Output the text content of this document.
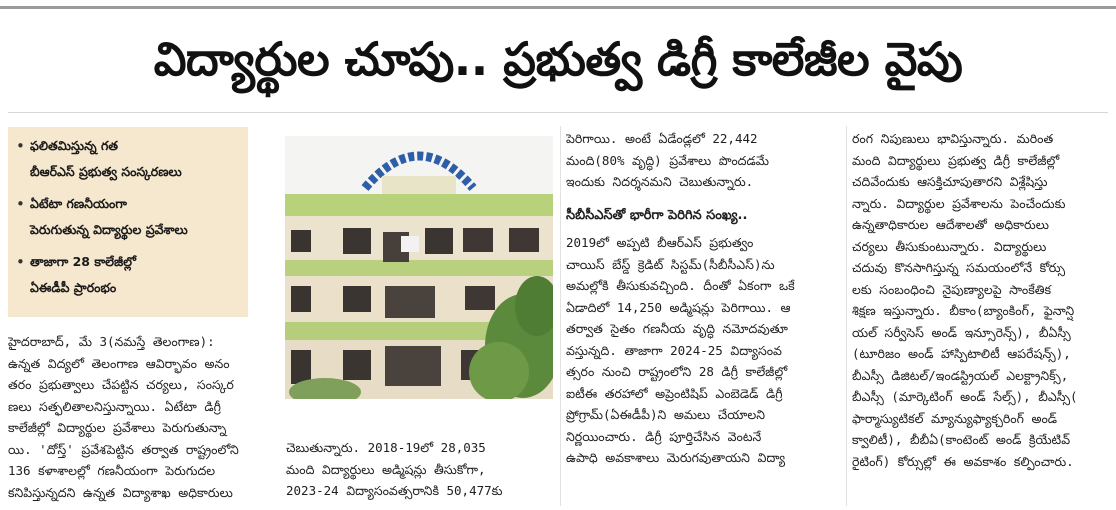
విద్యార్థుల చూపు.. ప్రభుత్వ డిగ్రీ కాలేజీల వైపు
• ఫలితమిస్తున్న గత
బీఆర్‌ఎస్‌ ప్రభుత్వ సంస్కరణలు
• ఏటేటా గణనీయంగా
పెరుగుతున్న విద్యార్థుల ప్రవేశాలు
• తాజాగా 28 కాలేజీల్లో
ఏఈడీపీ ప్రారంభం
హైదరాబాద్‌, మే 3(నమస్తే తెలంగాణ):
ఉన్నత విద్యలో తెలంగాణ ఆవిర్భావం అనం
తరం ప్రభుత్వాలు చేపట్టిన చర్యలు, సంస్కర
ణలు సత్ఫలితాలనిస్తున్నాయి. ఏటేటా డిగ్రీ
కాలేజీల్లో విద్యార్థుల ప్రవేశాలు పెరుగుతున్నా
యి. 'దోస్త్‌' ప్రవేశపెట్టిన తర్వాత రాష్ట్రంలోని
136 కళాశాలల్లో గణనీయంగా పెరుగుదల
కనిపిస్తున్నదని ఉన్నత విద్యాశాఖ అధికారులు
చెబుతున్నారు. 2018-19లో 28,035
మంది విద్యార్థులు అడ్మిషన్లు తీసుకోగా,
2023-24 విద్యాసంవత్సరానికి 50,477కు
పెరిగాయి. అంటే ఏడేండ్లలో 22,442
మంది(80% వృద్ధి) ప్రవేశాలు పొందడమే
ఇందుకు నిదర్శనమని చెబుతున్నారు.
సీబీసీఎస్‌తో భారీగా పెరిగిన సంఖ్య..
2019లో అప్పటి బీఆర్‌ఎస్‌ ప్రభుత్వం
చాయిస్‌ బేస్డ్‌ క్రెడిట్‌ సిస్టమ్‌(సీబీసీఎస్‌)ను
అమల్లోకి తీసుకువచ్చింది. దీంతో ఏకంగా ఒకే
ఏడాదిలో 14,250 అడ్మిషన్లు పెరిగాయి. ఆ
తర్వాత సైతం గణనీయ వృద్ధి నమోదవుతూ
వస్తున్నది. తాజాగా 2024-25 విద్యాసంవ
త్సరం నుంచి రాష్ట్రంలోని 28 డిగ్రీ కాలేజీల్లో
ఐటీఈ తరహాలో అప్రెంటిషిప్‌ ఎంబెడెడ్‌ డిగ్రీ
ప్రోగ్రామ్‌(ఏఈడీపీ)ని అమలు చేయాలని
నిర్ణయించారు. డిగ్రీ పూర్తిచేసిన వెంటనే
ఉపాధి అవకాశాలు మెరుగవుతాయని విద్యా
రంగ నిపుణులు భావిస్తున్నారు. మరింత
మంది విద్యార్థులు ప్రభుత్వ డిగ్రీ కాలేజీల్లో
చదివేందుకు ఆసక్తిచూపుతారని విశ్లేషిస్తు
న్నారు. విద్యార్థుల ప్రవేశాలను పెంచేందుకు
ఉన్నతాధికారుల ఆదేశాలతో అధికారులు
చర్యలు తీసుకుంటున్నారు. విద్యార్థులు
చదువు కొనసాగిస్తున్న సమయంలోనే కోర్సు
లకు సంబంధించి నైపుణ్యాలపై సాంకేతిక
శిక్షణ ఇస్తున్నారు. బీకాం(బ్యాంకింగ్‌, ఫైనాన్షి
యల్‌ సర్వీసెస్‌ అండ్‌ ఇన్సూరెన్స్‌), బీఏస్సీ
(టూరిజం అండ్‌ హాస్పిటాలిటీ ఆపరేషన్స్‌),
బీఎస్సీ డిజిటల్‌/ఇండస్ట్రియల్‌ ఎలక్ట్రానిక్స్‌,
బీఎస్సీ (మార్కెటింగ్‌ అండ్‌ సేల్స్‌), బీఎస్సీ(
ఫార్మాస్యుటికల్‌ మ్యాన్యుఫ్యాక్చరింగ్‌ అండ్‌
క్వాలిటీ), బీబీఏ(కాంటెంట్‌ అండ్‌ క్రియేటివ్‌
రైటింగ్‌) కోర్సుల్లో ఈ అవకాశం కల్పించారు.
